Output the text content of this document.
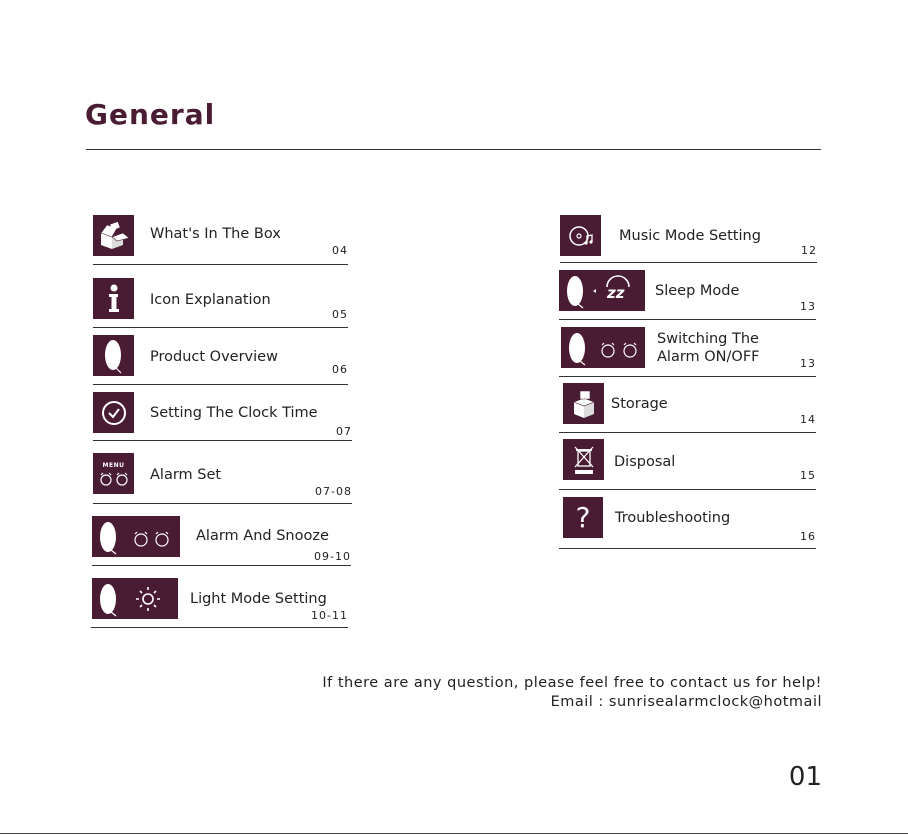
General
What's In The Box
04
Icon Explanation
05
Product Overview
06
Setting The Clock Time
07
MENU
Alarm Set
07-08
Alarm And Snooze
09-10
Light Mode Setting
10-11
Music Mode Setting
12
zz Sleep Mode
13
Switching The
Alarm ON/OFF	13
Storage
14
Disposal
15
? Troubleshooting
16
If there are any question, please feel free to contact us for help!
Email : sunrisealarmclock@hotmail
01
